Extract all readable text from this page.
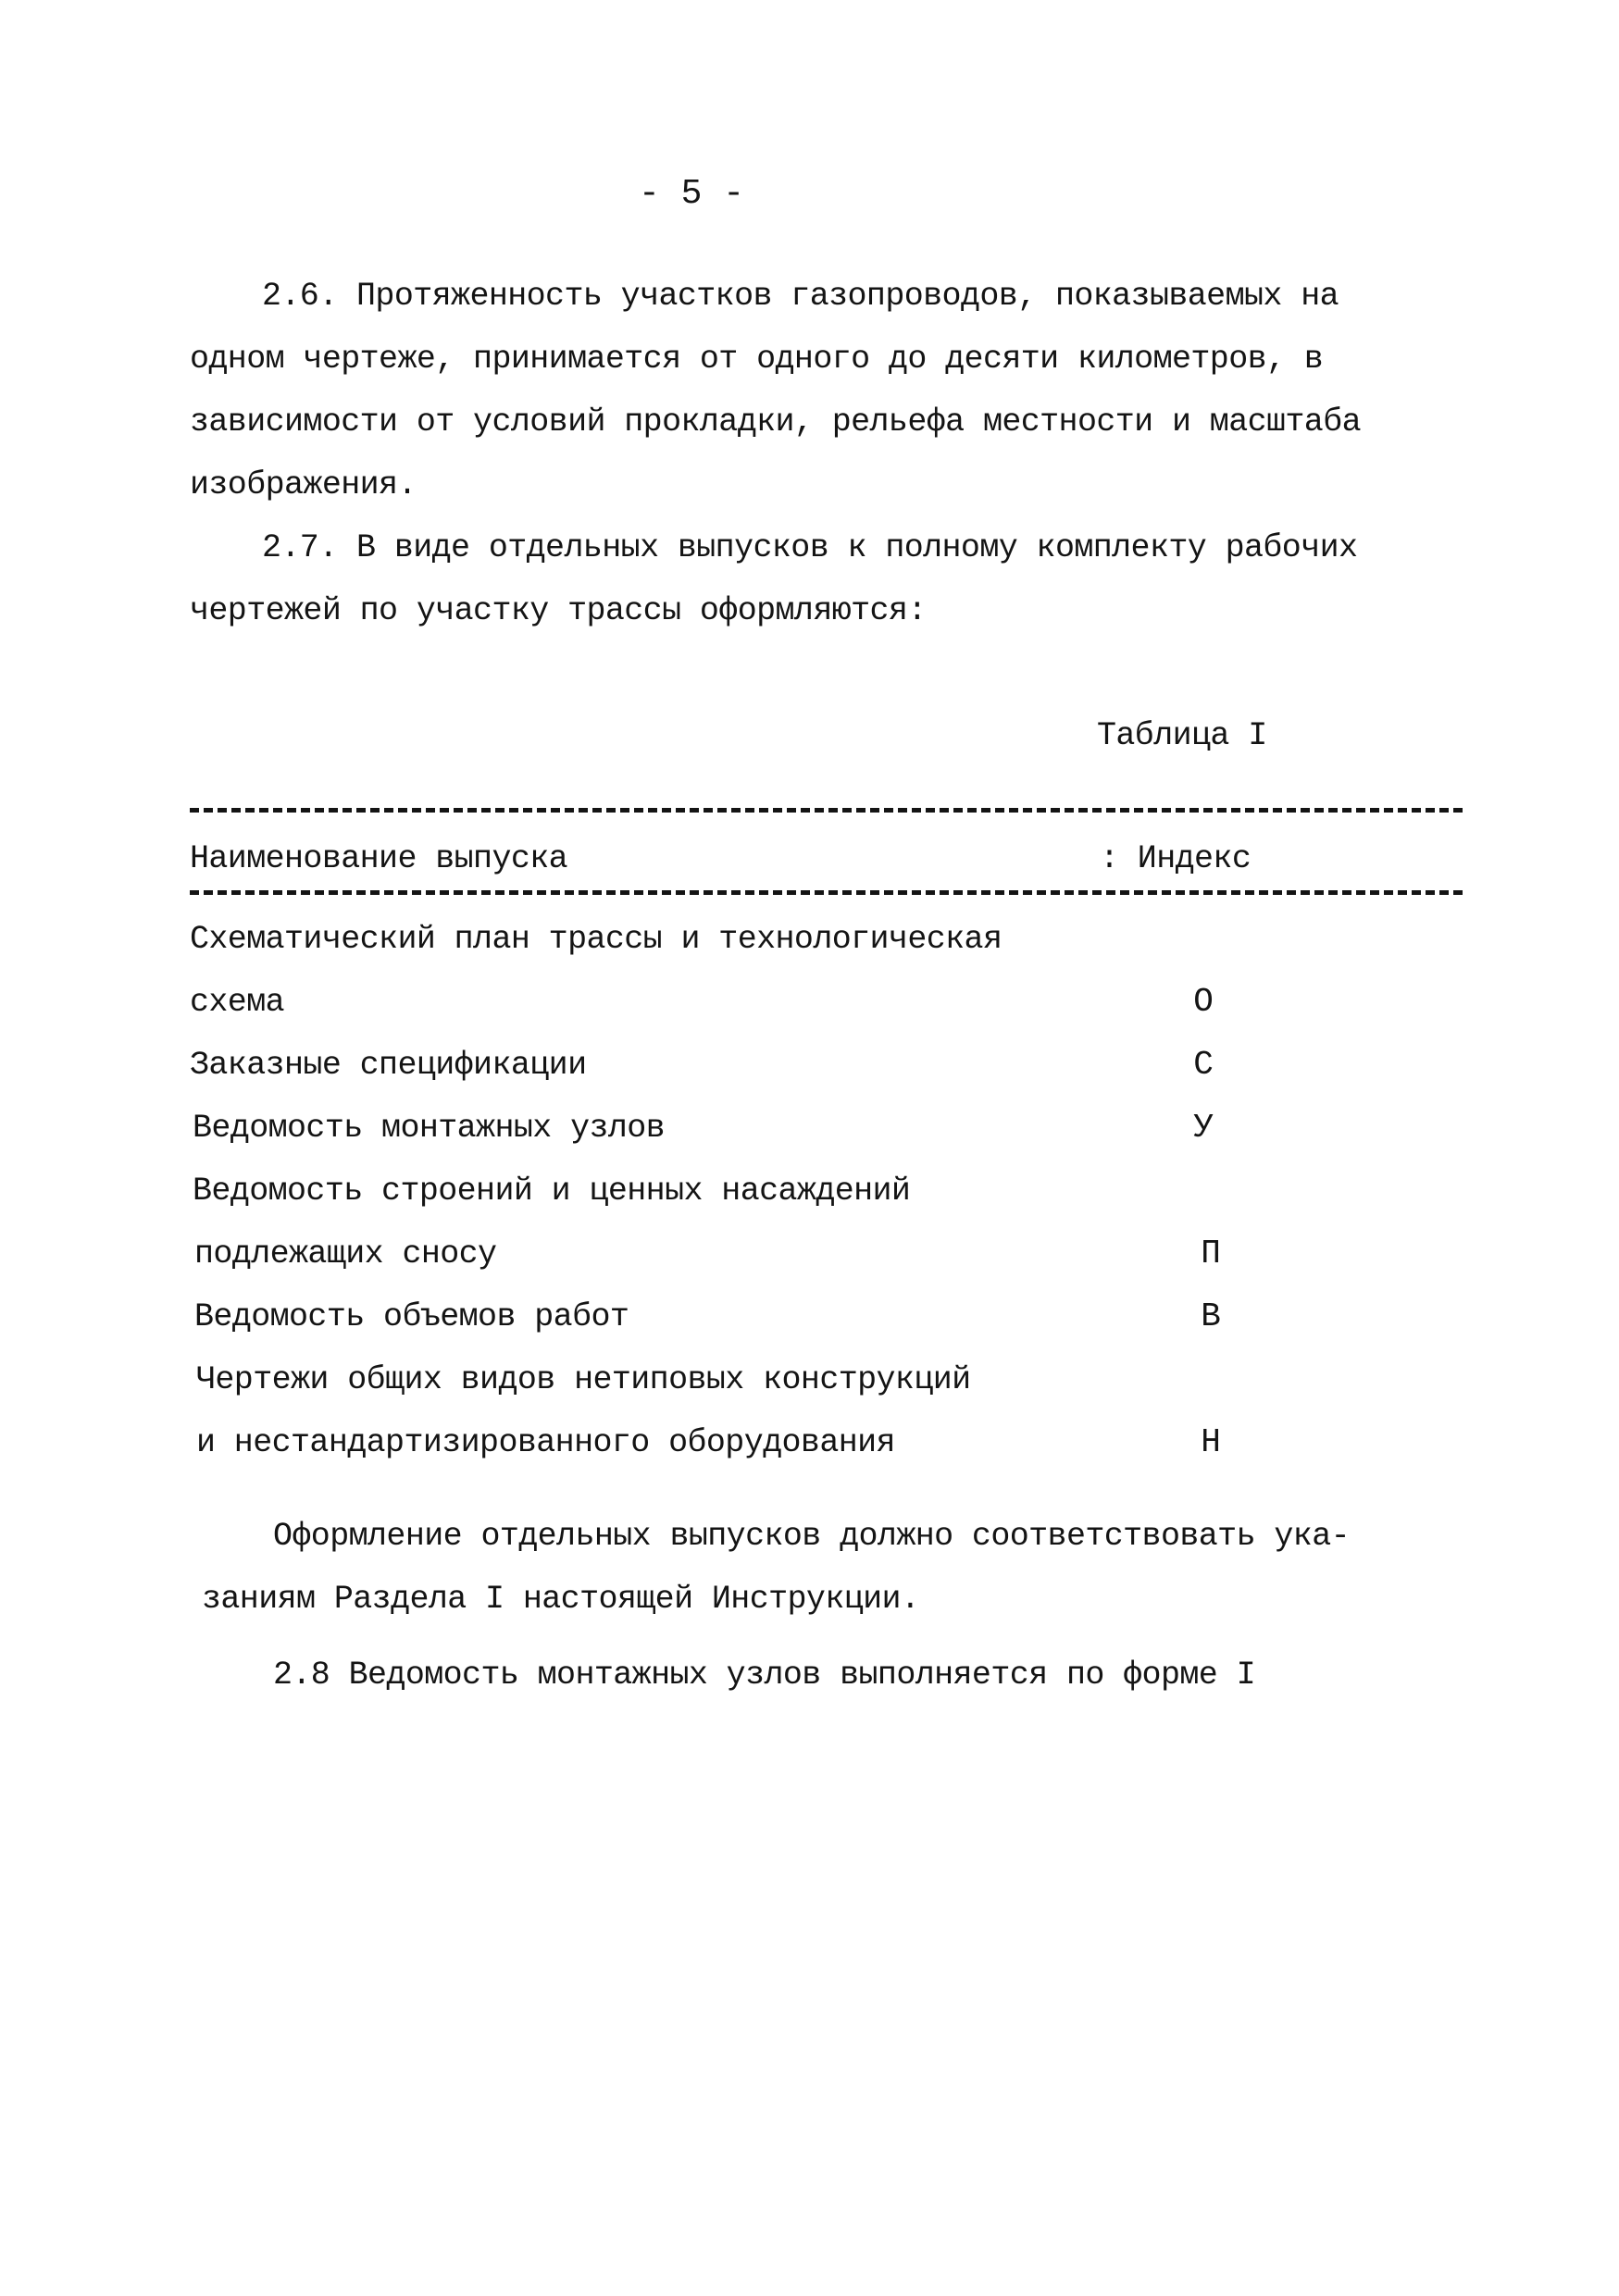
- 5 -
2.6. Протяженность участков газопроводов, показываемых на
одном чертеже, принимается от одного до десяти километров, в
зависимости от условий прокладки, рельефа местности и масштаба
изображения.
2.7. В виде отдельных выпусков к полному комплекту рабочих
чертежей по участку трассы оформляются:
Таблица I
Наименование выпуска	: Индекс
Схематический план трассы и технологическая
схема	О
Заказные спецификации	С
Ведомость монтажных узлов	У
Ведомость строений и ценных насаждений
подлежащих сносу	П
Ведомость объемов работ	В
Чертежи общих видов нетиповых конструкций
и нестандартизированного оборудования	Н
Оформление отдельных выпусков должно соответствовать ука-
заниям Раздела I настоящей Инструкции.
2.8 Ведомость монтажных узлов выполняется по форме I
